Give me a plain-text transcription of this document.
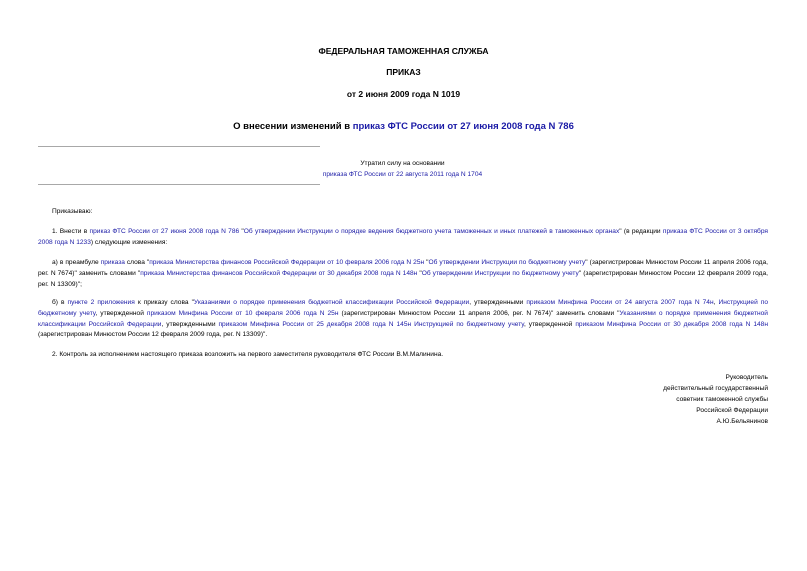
ФЕДЕРАЛЬНАЯ ТАМОЖЕННАЯ СЛУЖБА
ПРИКАЗ
от 2 июня 2009 года N 1019
О внесении изменений в приказ ФТС России от 27 июня 2008 года N 786
Утратил силу на основании
приказа ФТС России от 22 августа 2011 года N 1704
Приказываю:
1. Внести в приказ ФТС России от 27 июня 2008 года N 786 "Об утверждении Инструкции о порядке ведения бюджетного учета таможенных и иных платежей в таможенных органах" (в редакции приказа ФТС России от 3 октября 2008 года N 1233) следующие изменения:
а) в преамбуле приказа слова "приказа Министерства финансов Российской Федерации от 10 февраля 2006 года N 25н "Об утверждении Инструкции по бюджетному учету" (зарегистрирован Минюстом России 11 апреля 2006 года, рег. N 7674)" заменить словами "приказа Министерства финансов Российской Федерации от 30 декабря 2008 года N 148н "Об утверждении Инструкции по бюджетному учету" (зарегистрирован Минюстом России 12 февраля 2009 года, рег. N 13309)";
б) в пункте 2 приложения к приказу слова "Указаниями о порядке применения бюджетной классификации Российской Федерации, утвержденными приказом Минфина России от 24 августа 2007 года N 74н, Инструкцией по бюджетному учету, утвержденной приказом Минфина России от 10 февраля 2006 года N 25н (зарегистрирован Минюстом России 11 апреля 2006, рег. N 7674)" заменить словами "Указаниями о порядке применения бюджетной классификации Российской Федерации, утвержденными приказом Минфина России от 25 декабря 2008 года N 145н Инструкцией по бюджетному учету, утвержденной приказом Минфина России от 30 декабря 2008 года N 148н (зарегистрирован Минюстом России 12 февраля 2009 года, рег. N 13309)".
2. Контроль за исполнением настоящего приказа возложить на первого заместителя руководителя ФТС России В.М.Малинина.
Руководитель
действительный государственный
советник таможенной службы
Российской Федерации
А.Ю.Бельянинов
